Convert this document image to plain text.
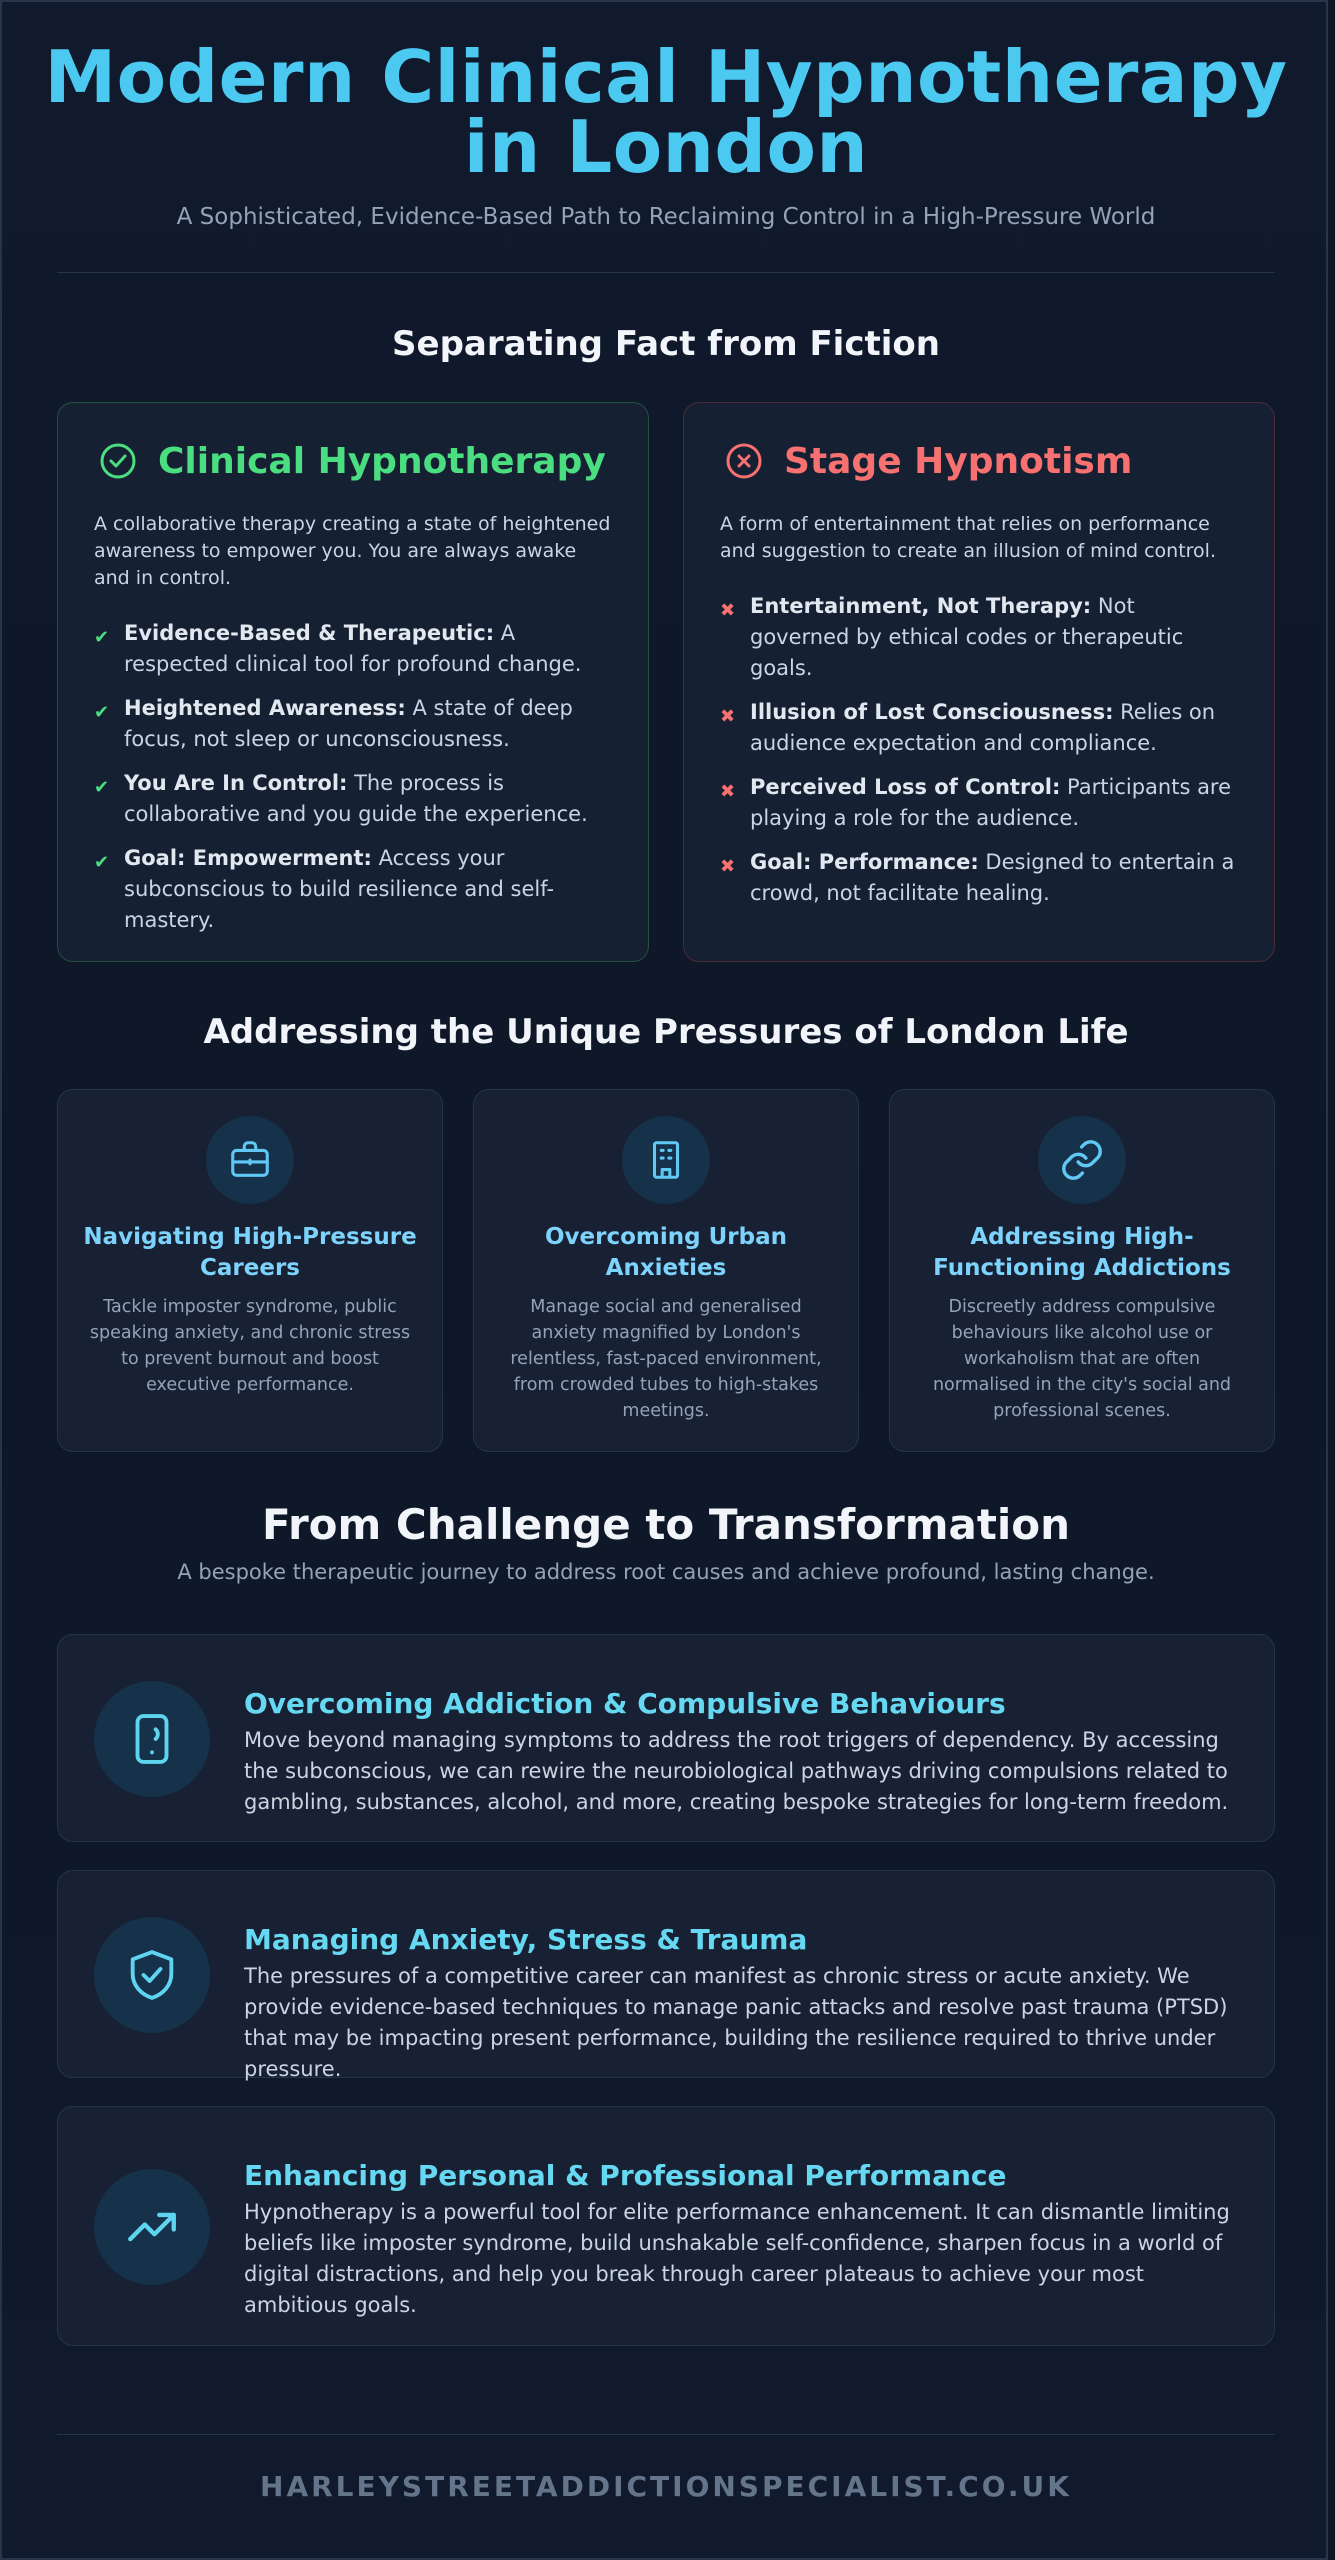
Modern Clinical Hypnotherapy
in London
A Sophisticated, Evidence-Based Path to Reclaiming Control in a High-Pressure World
Separating Fact from Fiction
Clinical Hypnotherapy
A collaborative therapy creating a state of heightened awareness to empower you. You are always awake and in control.
✔ Evidence-Based & Therapeutic: A respected clinical tool for profound change.
✔ Heightened Awareness: A state of deep focus, not sleep or unconsciousness.
✔ You Are In Control: The process is collaborative and you guide the experience.
✔ Goal: Empowerment: Access your subconscious to build resilience and self-mastery.
Stage Hypnotism
A form of entertainment that relies on performance and suggestion to create an illusion of mind control.
✖ Entertainment, Not Therapy: Not governed by ethical codes or therapeutic goals.
✖ Illusion of Lost Consciousness: Relies on audience expectation and compliance.
✖ Perceived Loss of Control: Participants are playing a role for the audience.
✖ Goal: Performance: Designed to entertain a crowd, not facilitate healing.
Addressing the Unique Pressures of London Life
Navigating High-Pressure Careers

Tackle imposter syndrome, public speaking anxiety, and chronic stress to prevent burnout and boost executive performance.

Overcoming Urban Anxieties

Manage social and generalised anxiety magnified by London's relentless, fast-paced environment, from crowded tubes to high-stakes meetings.

Addressing High-Functioning Addictions

Discreetly address compulsive behaviours like alcohol use or workaholism that are often normalised in the city's social and professional scenes.

From Challenge to Transformation
A bespoke therapeutic journey to address root causes and achieve profound, lasting change.
Overcoming Addiction & Compulsive Behaviours

Move beyond managing symptoms to address the root triggers of dependency. By accessing the subconscious, we can rewire the neurobiological pathways driving compulsions related to gambling, substances, alcohol, and more, creating bespoke strategies for long-term freedom.

Managing Anxiety, Stress & Trauma

The pressures of a competitive career can manifest as chronic stress or acute anxiety. We provide evidence-based techniques to manage panic attacks and resolve past trauma (PTSD) that may be impacting present performance, building the resilience required to thrive under pressure.

Enhancing Personal & Professional Performance

Hypnotherapy is a powerful tool for elite performance enhancement. It can dismantle limiting beliefs like imposter syndrome, build unshakable self-confidence, sharpen focus in a world of digital distractions, and help you break through career plateaus to achieve your most ambitious goals.

HARLEYSTREETADDICTIONSPECIALIST.CO.UK
